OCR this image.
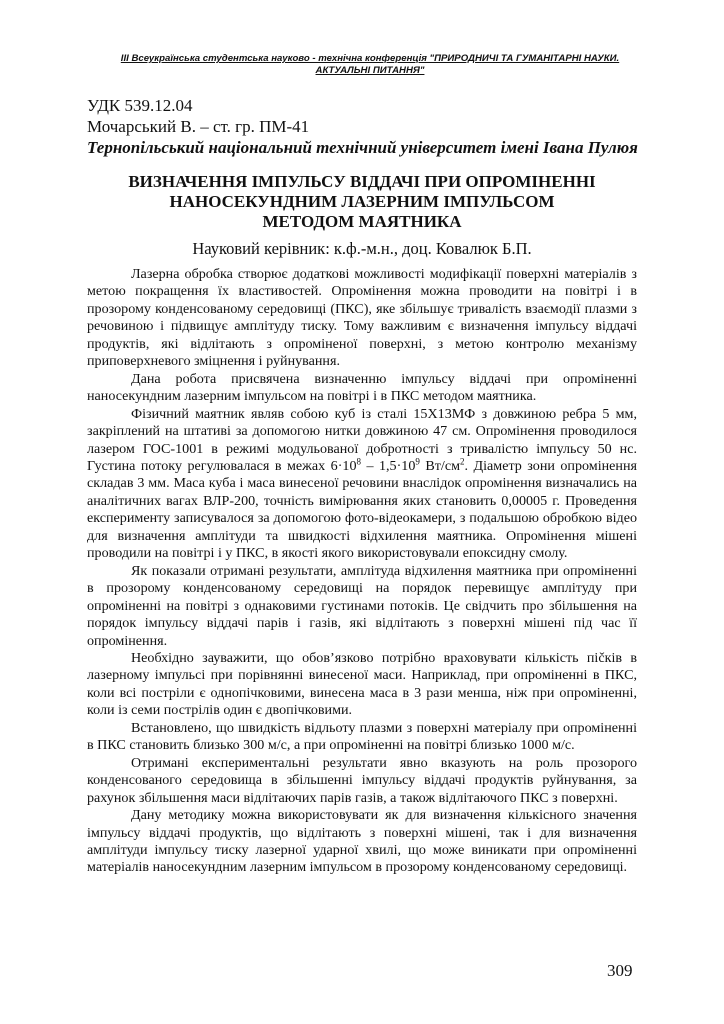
III Всеукраїнська студентська науково - технічна конференція "ПРИРОДНИЧІ ТА ГУМАНІТАРНІ НАУКИ.
АКТУАЛЬНІ ПИТАННЯ"
УДК 539.12.04
Мочарський В. – ст. гр. ПМ-41
Тернопільський національний технічний університет імені Івана Пулюя
ВИЗНАЧЕННЯ ІМПУЛЬСУ ВІДДАЧІ ПРИ ОПРОМІНЕННІ
НАНОСЕКУНДНИМ ЛАЗЕРНИМ ІМПУЛЬСОМ
МЕТОДОМ МАЯТНИКА
Науковий керівник: к.ф.-м.н., доц. Ковалюк Б.П.

Лазерна обробка створює додаткові можливості модифікації поверхні матеріалів з метою покращення їх властивостей. Опромінення можна проводити на повітрі і в прозорому конденсованому середовищі (ПКС), яке збільшує тривалість взаємодії плазми з речовиною і підвищує амплітуду тиску. Тому важливим є визначення імпульсу віддачі продуктів, які відлітають з опроміненої поверхні, з метою контролю механізму приповерхневого зміцнення і руйнування.

Дана робота присвячена визначенню імпульсу віддачі при опроміненні наносекундним лазерним імпульсом на повітрі і в ПКС методом маятника.

Фізичний маятник являв собою куб із сталі 15Х13МФ з довжиною ребра 5 мм, закріплений на штативі за допомогою нитки довжиною 47 см. Опромінення проводилося лазером ГОС-1001 в режимі модульованої добротності з тривалістю імпульсу 50 нс. Густина потоку регулювалася в межах $6\cdot 10^8 - 1,5\cdot 10^9$ $Вт/см^2$. Діаметр зони опромінення складав 3 мм. Маса куба і маса винесеної речовини внаслідок опромінення визначались на аналітичних вагах ВЛР-200, точність вимірювання яких становить 0,00005 г. Проведення експерименту записувалося за допомогою фото-відеокамери, з подальшою обробкою відео для визначення амплітуди та швидкості відхилення маятника. Опромінення мішені проводили на повітрі і у ПКС, в якості якого використовували епоксидну смолу.

Як показали отримані результати, амплітуда відхилення маятника при опроміненні в прозорому конденсованому середовищі на порядок перевищує амплітуду при опроміненні на повітрі з однаковими густинами потоків. Це свідчить про збільшення на порядок імпульсу віддачі парів і газів, які відлітають з поверхні мішені під час її опромінення.

Необхідно зауважити, що обов’язково потрібно враховувати кількість піčків в лазерному імпульсі при порівнянні винесеної маси. Наприклад, при опроміненні в ПКС, коли всі постріли є однопічковими, винесена маса в 3 рази менша, ніж при опроміненні, коли із семи пострілів один є двопічковими.

Встановлено, що швидкість відльоту плазми з поверхні матеріалу при опроміненні в ПКС становить близько 300 м/с, а при опроміненні на повітрі близько 1000 м/с.

Отримані експериментальні результати явно вказують на роль прозорого конденсованого середовища в збільшенні імпульсу віддачі продуктів руйнування, за рахунок збільшення маси відлітаючих парів газів, а також відлітаючого ПКС з поверхні.

Дану методику можна використовувати як для визначення кількісного значення імпульсу віддачі продуктів, що відлітають з поверхні мішені, так і для визначення амплітуди імпульсу тиску лазерної ударної хвилі, що може виникати при опроміненні матеріалів наносекундним лазерним імпульсом в прозорому конденсованому середовищі.

309
